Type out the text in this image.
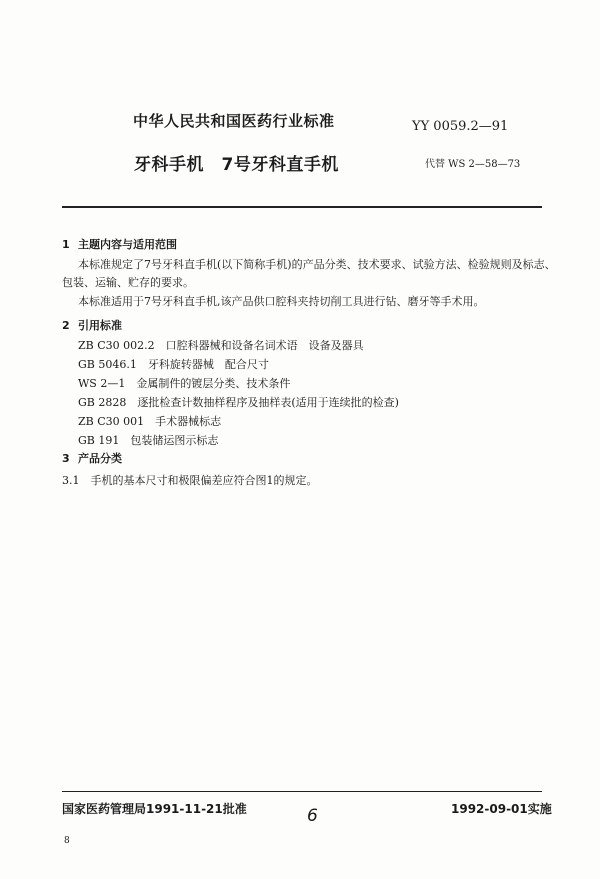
中华人民共和国医药行业标准	YY 0059.2—91
牙科手机　7号牙科直手机	代替 WS 2—58—73
1 主题内容与适用范围
本标准规定了7号牙科直手机(以下简称手机)的产品分类、技术要求、试验方法、检验规则及标志、
包装、运输、贮存的要求。
本标准适用于7号牙科直手机,该产品供口腔科夹持切削工具进行钻、磨牙等手术用。
2 引用标准
ZB C30 002.2　口腔科器械和设备名词术语　设备及器具
GB 5046.1　牙科旋转器械　配合尺寸
WS 2—1　金属制件的镀层分类、技术条件
GB 2828　逐批检查计数抽样程序及抽样表(适用于连续批的检查)
ZB C30 001　手术器械标志
GB 191　包装储运图示标志
3 产品分类
3.1　手机的基本尺寸和极限偏差应符合图1的规定。
国家医药管理局1991-11-21批准	6	1992-09-01实施
8
